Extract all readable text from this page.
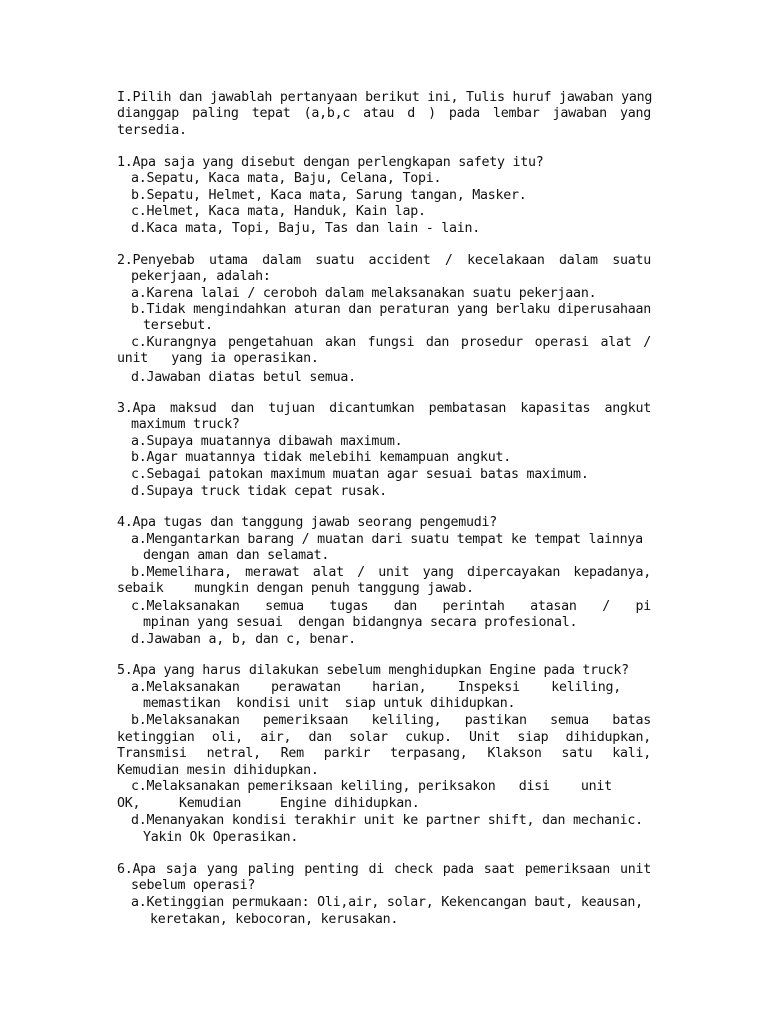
I.Pilih dan jawablah pertanyaan berikut ini, Tulis huruf jawaban yang
dianggap paling tepat (a,b,c atau d ) pada lembar jawaban yang
tersedia.
1.Apa saja yang disebut dengan perlengkapan safety itu?
a.Sepatu, Kaca mata, Baju, Celana, Topi.
b.Sepatu, Helmet, Kaca mata, Sarung tangan, Masker.
c.Helmet, Kaca mata, Handuk, Kain lap.
d.Kaca mata, Topi, Baju, Tas dan lain - lain.
2.Penyebab utama dalam suatu accident / kecelakaan dalam suatu
pekerjaan, adalah:
a.Karena lalai / ceroboh dalam melaksanakan suatu pekerjaan.
b.Tidak mengindahkan aturan dan peraturan yang berlaku diperusahaan
tersebut.
c.Kurangnya pengetahuan akan fungsi dan prosedur operasi alat /
unit   yang ia operasikan.
d.Jawaban diatas betul semua.
3.Apa maksud dan tujuan dicantumkan pembatasan kapasitas angkut
maximum truck?
a.Supaya muatannya dibawah maximum.
b.Agar muatannya tidak melebihi kemampuan angkut.
c.Sebagai patokan maximum muatan agar sesuai batas maximum.
d.Supaya truck tidak cepat rusak.
4.Apa tugas dan tanggung jawab seorang pengemudi?
a.Mengantarkan barang / muatan dari suatu tempat ke tempat lainnya
dengan aman dan selamat.
b.Memelihara, merawat alat / unit yang dipercayakan kepadanya,
sebaik    mungkin dengan penuh tanggung jawab.
c.Melaksanakan semua tugas dan perintah atasan / pi
mpinan yang sesuai  dengan bidangnya secara profesional.
d.Jawaban a, b, dan c, benar.
5.Apa yang harus dilakukan sebelum menghidupkan Engine pada truck?
a.Melaksanakan perawatan harian, Inspeksi keliling,
memastikan  kondisi unit  siap untuk dihidupkan.
b.Melaksanakan pemeriksaan keliling, pastikan semua batas
ketinggian oli, air, dan solar cukup. Unit siap dihidupkan,
Transmisi netral, Rem parkir terpasang, Klakson satu kali,
Kemudian mesin dihidupkan.
c.Melaksanakan pemeriksaan keliling, periksakon   disi    unit
OK,     Kemudian     Engine dihidupkan.
d.Menanyakan kondisi terakhir unit ke partner shift, dan mechanic.
Yakin Ok Operasikan.
6.Apa saja yang paling penting di check pada saat pemeriksaan unit
sebelum operasi?
a.Ketinggian permukaan: Oli,air, solar, Kekencangan baut, keausan,
keretakan, kebocoran, kerusakan.
